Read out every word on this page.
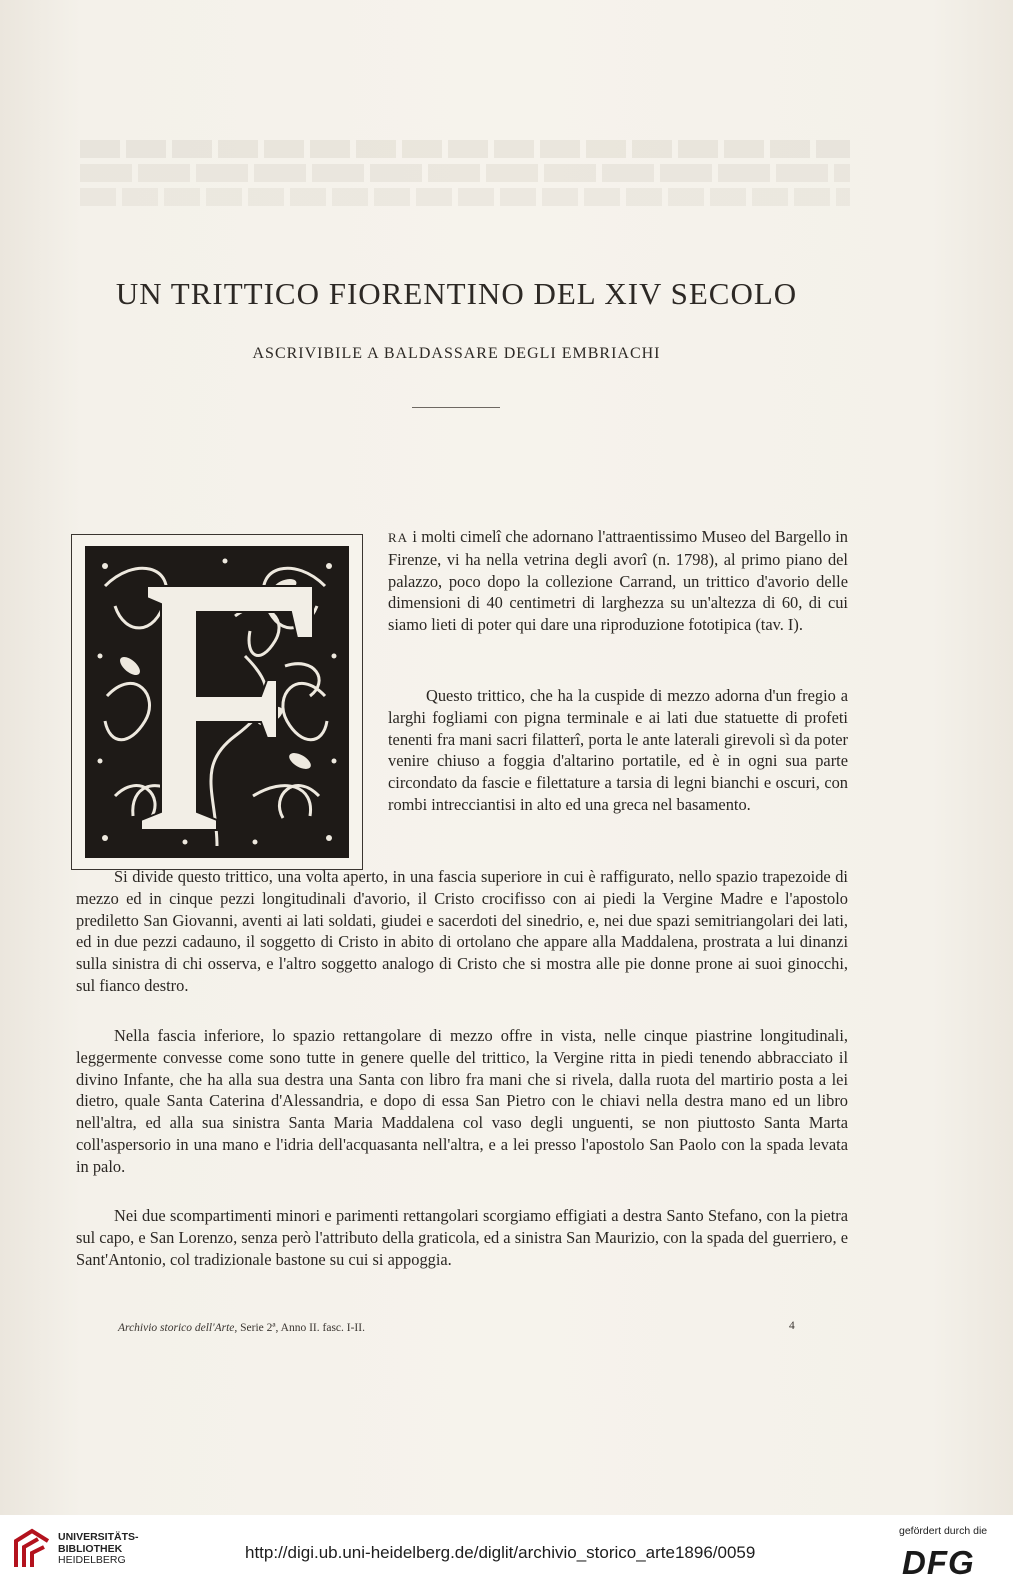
UN TRITTICO FIORENTINO DEL XIV SECOLO
ASCRIVIBILE A BALDASSARE DEGLI EMBRIACHI
RA i molti cimelî che adornano l'attraentissimo Museo del Bargello in Firenze, vi ha nella vetrina degli avorî (n. 1798), al primo piano del palazzo, poco dopo la collezione Carrand, un trittico d'avorio delle dimensioni di 40 centimetri di larghezza su un'altezza di 60, di cui siamo lieti di poter qui dare una riproduzione fototipica (tav. I).
Questo trittico, che ha la cuspide di mezzo adorna d'un fregio a larghi fogliami con pigna terminale e ai lati due statuette di profeti tenenti fra mani sacri filatterî, porta le ante laterali girevoli sì da poter venire chiuso a foggia d'altarino portatile, ed è in ogni sua parte circondato da fascie e filettature a tarsia di legni bianchi e oscuri, con rombi intrecciantisi in alto ed una greca nel basamento.
Si divide questo trittico, una volta aperto, in una fascia superiore in cui è raffigurato, nello spazio trapezoide di mezzo ed in cinque pezzi longitudinali d'avorio, il Cristo crocifisso con ai piedi la Vergine Madre e l'apostolo prediletto San Giovanni, aventi ai lati soldati, giudei e sacerdoti del sinedrio, e, nei due spazi semitriangolari dei lati, ed in due pezzi cadauno, il soggetto di Cristo in abito di ortolano che appare alla Maddalena, prostrata a lui dinanzi sulla sinistra di chi osserva, e l'altro soggetto analogo di Cristo che si mostra alle pie donne prone ai suoi ginocchi, sul fianco destro.
Nella fascia inferiore, lo spazio rettangolare di mezzo offre in vista, nelle cinque piastrine longitudinali, leggermente convesse come sono tutte in genere quelle del trittico, la Vergine ritta in piedi tenendo abbracciato il divino Infante, che ha alla sua destra una Santa con libro fra mani che si rivela, dalla ruota del martirio posta a lei dietro, quale Santa Caterina d'Alessandria, e dopo di essa San Pietro con le chiavi nella destra mano ed un libro nell'altra, ed alla sua sinistra Santa Maria Maddalena col vaso degli unguenti, se non piuttosto Santa Marta coll'aspersorio in una mano e l'idria dell'acquasanta nell'altra, e a lei presso l'apostolo San Paolo con la spada levata in palo.
Nei due scompartimenti minori e parimenti rettangolari scorgiamo effigiati a destra Santo Stefano, con la pietra sul capo, e San Lorenzo, senza però l'attributo della graticola, ed a sinistra San Maurizio, con la spada del guerriero, e Sant'Antonio, col tradizionale bastone su cui si appoggia.
Archivio storico dell'Arte, Serie 2ª, Anno II. fasc. I-II.	4
UNIVERSITÄTS-
BIBLIOTHEK
HEIDELBERG	http://digi.ub.uni-heidelberg.de/diglit/archivio_storico_arte1896/0059
gefördert durch die
DFG
